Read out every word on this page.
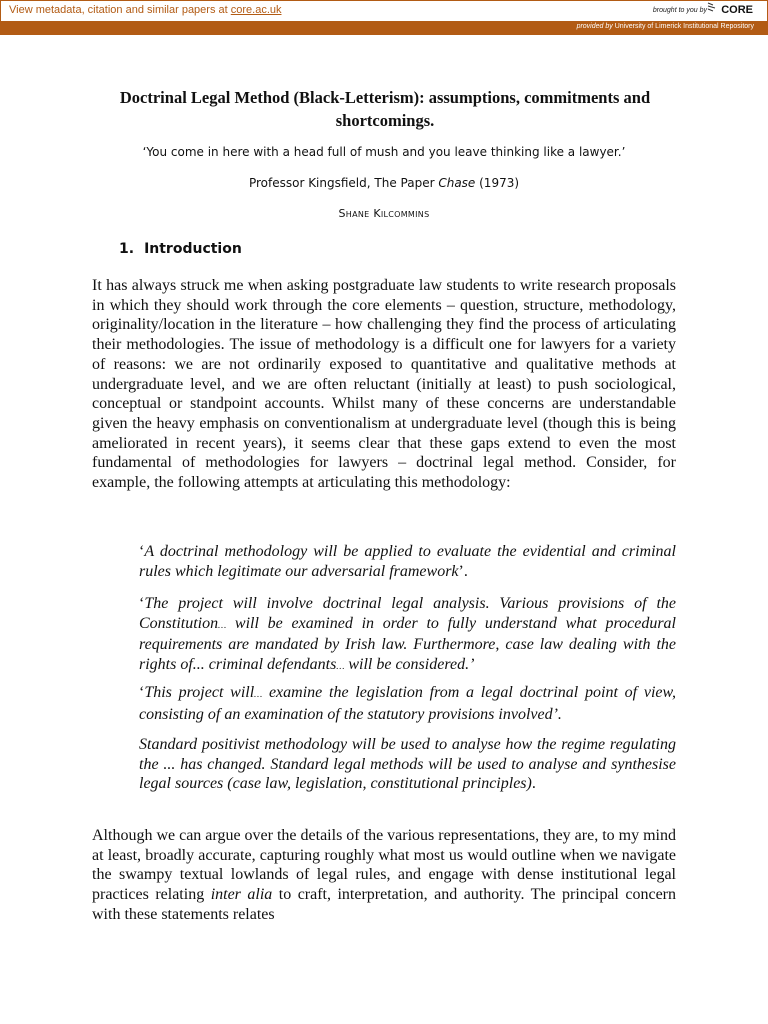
View metadata, citation and similar papers at core.ac.uk	brought to you by CORE
provided by University of Limerick Institutional Repository
Doctrinal Legal Method (Black-Letterism): assumptions, commitments and shortcomings.
‘You come in here with a head full of mush and you leave thinking like a lawyer.’
Professor Kingsfield, The Paper Chase (1973)
Shane Kilcommins
1. Introduction

It has always struck me when asking postgraduate law students to write research proposals in which they should work through the core elements – question, structure, methodology, originality/location in the literature – how challenging they find the process of articulating their methodologies. The issue of methodology is a difficult one for lawyers for a variety of reasons: we are not ordinarily exposed to quantitative and qualitative methods at undergraduate level, and we are often reluctant (initially at least) to push sociological, conceptual or standpoint accounts. Whilst many of these concerns are understandable given the heavy emphasis on conventionalism at undergraduate level (though this is being ameliorated in recent years), it seems clear that these gaps extend to even the most fundamental of methodologies for lawyers – doctrinal legal method. Consider, for example, the following attempts at articulating this methodology:

‘A doctrinal methodology will be applied to evaluate the evidential and criminal rules which legitimate our adversarial framework’.

‘The project will involve doctrinal legal analysis. Various provisions of the Constitution… will be examined in order to fully understand what procedural requirements are mandated by Irish law. Furthermore, case law dealing with the rights of... criminal defendants… will be considered.’

‘This project will… examine the legislation from a legal doctrinal point of view, consisting of an examination of the statutory provisions involved’.

Standard positivist methodology will be used to analyse how the regime regulating the ... has changed. Standard legal methods will be used to analyse and synthesise legal sources (case law, legislation, constitutional principles).

Although we can argue over the details of the various representations, they are, to my mind at least, broadly accurate, capturing roughly what most us would outline when we navigate the swampy textual lowlands of legal rules, and engage with dense institutional legal practices relating inter alia to craft, interpretation, and authority. The principal concern with these statements relates
